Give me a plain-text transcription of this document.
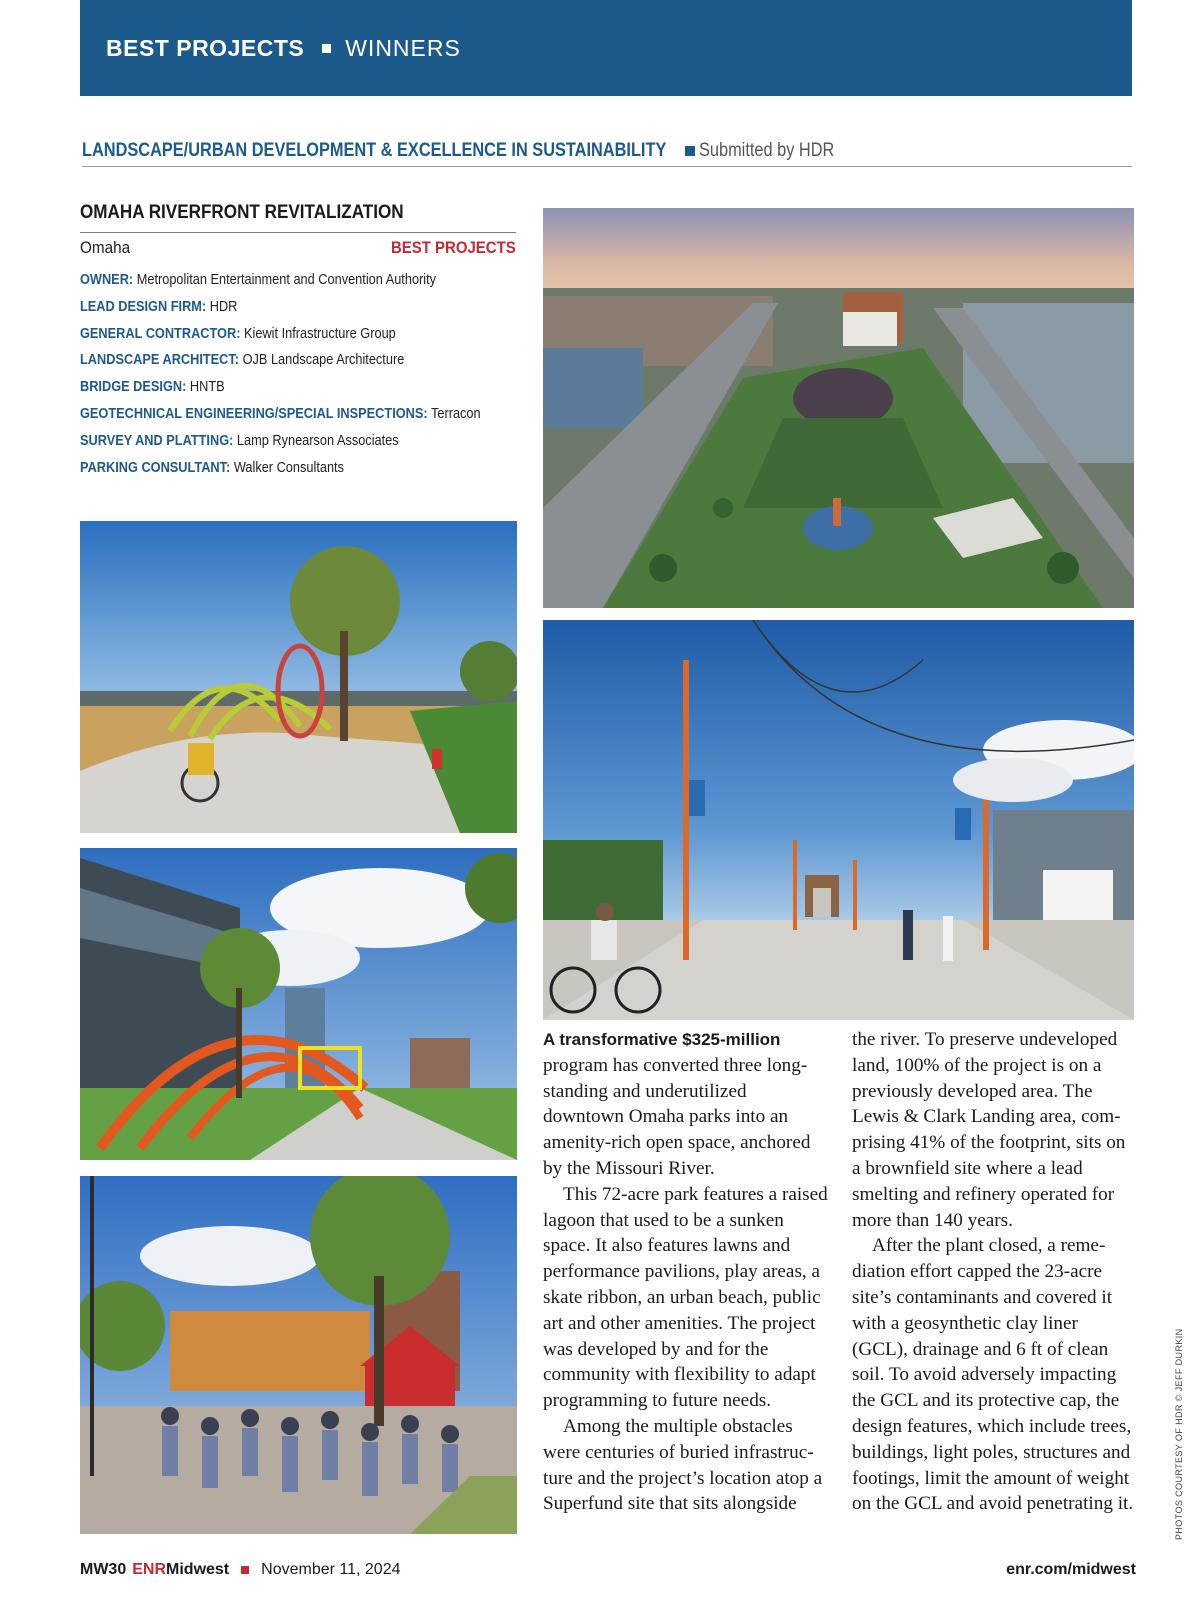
BEST PROJECTS WINNERS
LANDSCAPE/URBAN DEVELOPMENT & EXCELLENCE IN SUSTAINABILITY Submitted by HDR
OMAHA RIVERFRONT REVITALIZATION
Omaha	BEST PROJECTS
OWNER: Metropolitan Entertainment and Convention Authority
LEAD DESIGN FIRM: HDR
GENERAL CONTRACTOR: Kiewit Infrastructure Group
LANDSCAPE ARCHITECT: OJB Landscape Architecture
BRIDGE DESIGN: HNTB
GEOTECHNICAL ENGINEERING/SPECIAL INSPECTIONS: Terracon
SURVEY AND PLATTING: Lamp Rynearson Associates
PARKING CONSULTANT: Walker Consultants

A transformative $325-million program has converted three long-standing and underutilized downtown Omaha parks into an amenity-rich open space, anchored by the Missouri River.

This 72-acre park features a raised lagoon that used to be a sunken space. It also features lawns and performance pavilions, play areas, a skate ribbon, an urban beach, public art and other amenities. The project was developed by and for the community with flexibility to adapt programming to future needs.

Among the multiple obstacles were centuries of buried infrastructure and the project’s location atop a Superfund site that sits alongside

the river. To preserve undeveloped land, 100% of the project is on a previously developed area. The Lewis & Clark Landing area, comprising 41% of the footprint, sits on a brownfield site where a lead smelting and refinery operated for more than 140 years.

After the plant closed, a remediation effort capped the 23-acre site’s contaminants and covered it with a geosynthetic clay liner (GCL), drainage and 6 ft of clean soil. To avoid adversely impacting the GCL and its protective cap, the design features, which include trees, buildings, light poles, structures and footings, limit the amount of weight on the GCL and avoid penetrating it.	PHOTOS COURTESY OF HDR © JEFF DURKIN
MW30 ENR Midwest November 11, 2024	enr.com/midwest
